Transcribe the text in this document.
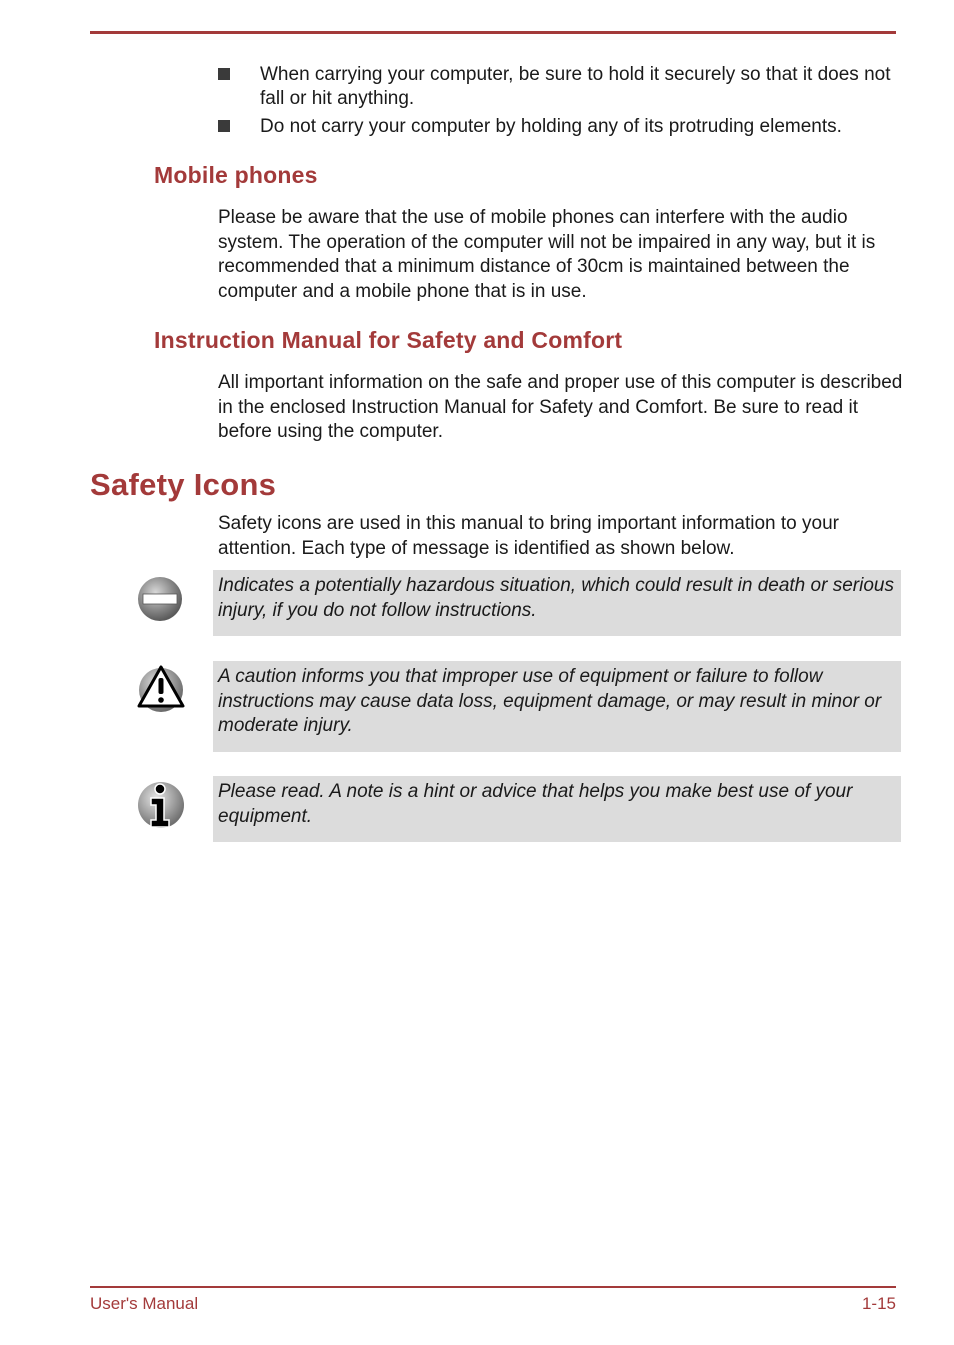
When carrying your computer, be sure to hold it securely so that it does not fall or hit anything.
Do not carry your computer by holding any of its protruding elements.
Mobile phones

Please be aware that the use of mobile phones can interfere with the audio system. The operation of the computer will not be impaired in any way, but it is recommended that a minimum distance of 30cm is maintained between the computer and a mobile phone that is in use.

Instruction Manual for Safety and Comfort

All important information on the safe and proper use of this computer is described in the enclosed Instruction Manual for Safety and Comfort. Be sure to read it before using the computer.

Safety Icons

Safety icons are used in this manual to bring important information to your attention. Each type of message is identified as shown below.

Indicates a potentially hazardous situation, which could result in death or serious injury, if you do not follow instructions.
A caution informs you that improper use of equipment or failure to follow instructions may cause data loss, equipment damage, or may result in minor or moderate injury.
Please read. A note is a hint or advice that helps you make best use of your equipment.
User's Manual	1-15
